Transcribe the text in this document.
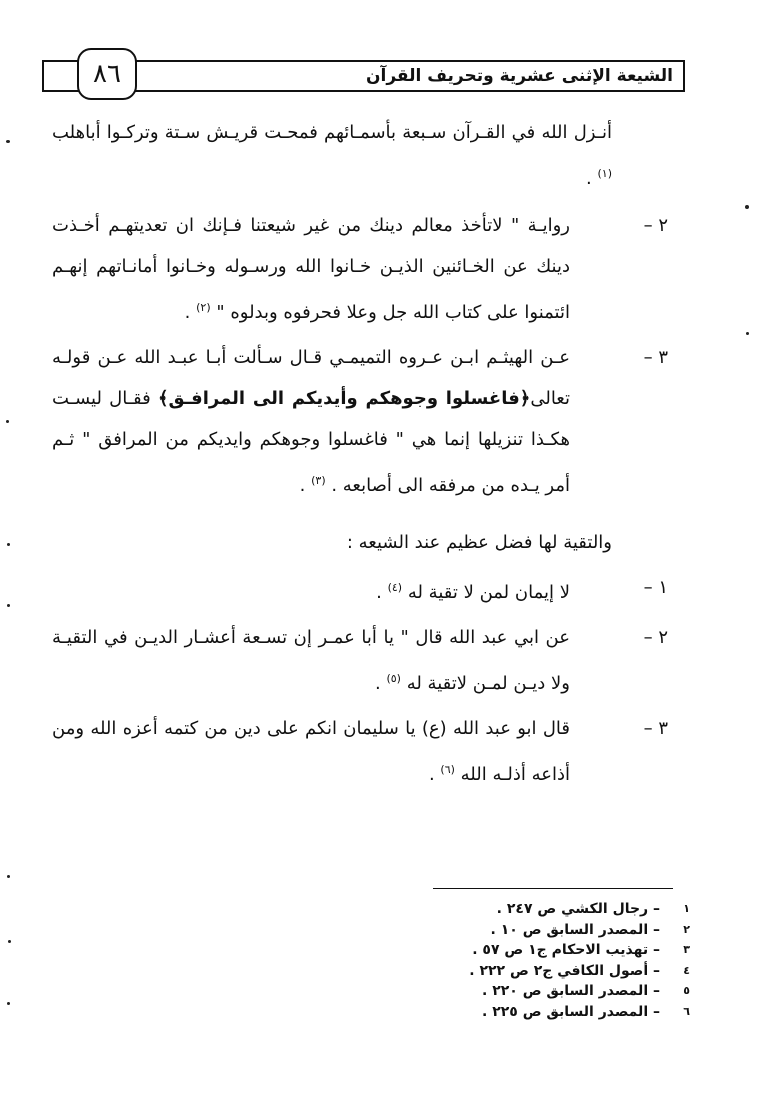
الشيعة الإثنى عشرية وتحريف القرآن
٨٦

أنـزل الله في القـرآن سـبعة بأسمـائهم فمحـت قريـش سـتة وتركـوا أباهلب $^{(١)}$ .

٢ –
روايـة " لاتأخذ معالم دينك من غير شيعتنا فـإنك ان تعديتهـم أخـذت دينك عن الخـائنين الذيـن خـانوا الله ورسـوله وخـانوا أمانـاتهم إنهـم ائتمنوا على كتاب الله جل وعلا فحرفوه وبدلوه " $^{(٢)}$ .

٣ –
عـن الهيثـم ابـن عـروه التميمـي قـال سـألت أبـا عبـد الله عـن قولـه تعالى﴿فاغسلوا وجوهكم وأيديكم الى المرافـق﴾ فقـال ليسـت هكـذا تنزيلها إنما هي " فاغسلوا وجوهكم وايديكم من المرافق " ثـم أمر يـده من مرفقه الى أصابعه . $^{(٣)}$ .

والتقية لها فضل عظيم عند الشيعه :

١ –
لا إيمان لمن لا تقية له $^{(٤)}$ .

٢ –
عن ابي عبد الله قال " يا أبا عمـر إن تسـعة أعشـار الديـن في التقيـة ولا ديـن لمـن لاتقية له $^{(٥)}$ .

٣ –
قال ابو عبد الله (ع) يا سليمان انكم على دين من كتمه أعزه الله ومن أذاعه أذلـه الله $^{(٦)}$ .

١– رجال الكشي ص ٢٤٧ .
٢– المصدر السابق ص ١٠ .
٣– تهذيب الاحكام ج١ ص ٥٧ .
٤– أصول الكافي ج٢ ص ٢٢٢ .
٥– المصدر السابق ص ٢٢٠ .
٦– المصدر السابق ص ٢٢٥ .
